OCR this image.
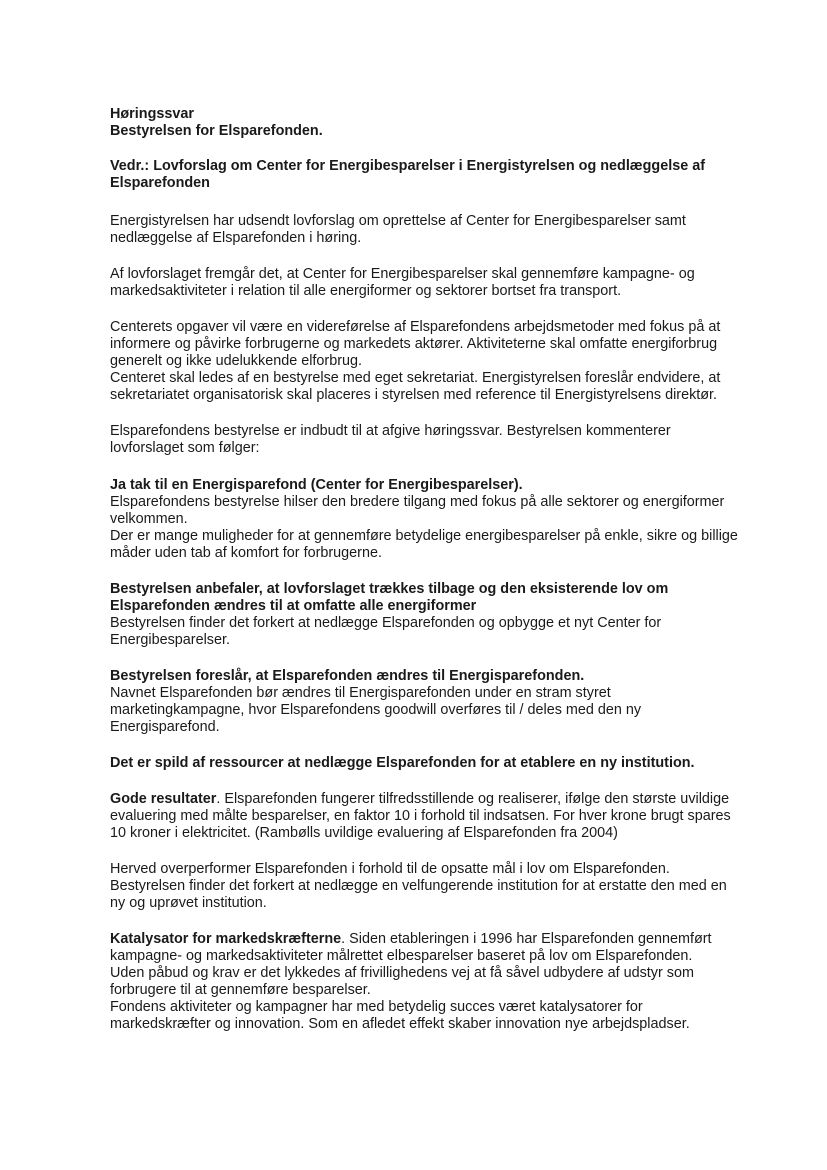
Høringssvar

Bestyrelsen for Elsparefonden.

Vedr.: Lovforslag om Center for Energibesparelser i Energistyrelsen og nedlæggelse af

Elsparefonden

Energistyrelsen har udsendt lovforslag om oprettelse af Center for Energibesparelser samt

nedlæggelse af Elsparefonden i høring.

Af lovforslaget fremgår det, at Center for Energibesparelser skal gennemføre kampagne- og

markedsaktiviteter i relation til alle energiformer og sektorer bortset fra transport.

Centerets opgaver vil være en videreførelse af Elsparefondens arbejdsmetoder med fokus på at

informere og påvirke forbrugerne og markedets aktører. Aktiviteterne skal omfatte energiforbrug

generelt og ikke udelukkende elforbrug.

Centeret skal ledes af en bestyrelse med eget sekretariat. Energistyrelsen foreslår endvidere, at

sekretariatet organisatorisk skal placeres i styrelsen med reference til Energistyrelsens direktør.

Elsparefondens bestyrelse er indbudt til at afgive høringssvar. Bestyrelsen kommenterer

lovforslaget som følger:

Ja tak til en Energisparefond (Center for Energibesparelser).

Elsparefondens bestyrelse hilser den bredere tilgang med fokus på alle sektorer og energiformer

velkommen.

Der er mange muligheder for at gennemføre betydelige energibesparelser på enkle, sikre og billige

måder uden tab af komfort for forbrugerne.

Bestyrelsen anbefaler, at lovforslaget trækkes tilbage og den eksisterende lov om

Elsparefonden ændres til at omfatte alle energiformer

Bestyrelsen finder det forkert at nedlægge Elsparefonden og opbygge et nyt Center for

Energibesparelser.

Bestyrelsen foreslår, at Elsparefonden ændres til Energisparefonden.

Navnet Elsparefonden bør ændres til Energisparefonden under en stram styret

marketingkampagne, hvor Elsparefondens goodwill overføres til / deles med den ny

Energisparefond.

Det er spild af ressourcer at nedlægge Elsparefonden for at etablere en ny institution.

Gode resultater. Elsparefonden fungerer tilfredsstillende og realiserer, ifølge den største uvildige

evaluering med målte besparelser, en faktor 10 i forhold til indsatsen. For hver krone brugt spares

10 kroner i elektricitet. (Rambølls uvildige evaluering af Elsparefonden fra 2004)

Herved overperformer Elsparefonden i forhold til de opsatte mål i lov om Elsparefonden.

Bestyrelsen finder det forkert at nedlægge en velfungerende institution for at erstatte den med en

ny og uprøvet institution.

Katalysator for markedskræfterne. Siden etableringen i 1996 har Elsparefonden gennemført

kampagne- og markedsaktiviteter målrettet elbesparelser baseret på lov om Elsparefonden.

Uden påbud og krav er det lykkedes af frivillighedens vej at få såvel udbydere af udstyr som

forbrugere til at gennemføre besparelser.

Fondens aktiviteter og kampagner har med betydelig succes været katalysatorer for

markedskræfter og innovation. Som en afledet effekt skaber innovation nye arbejdspladser.
